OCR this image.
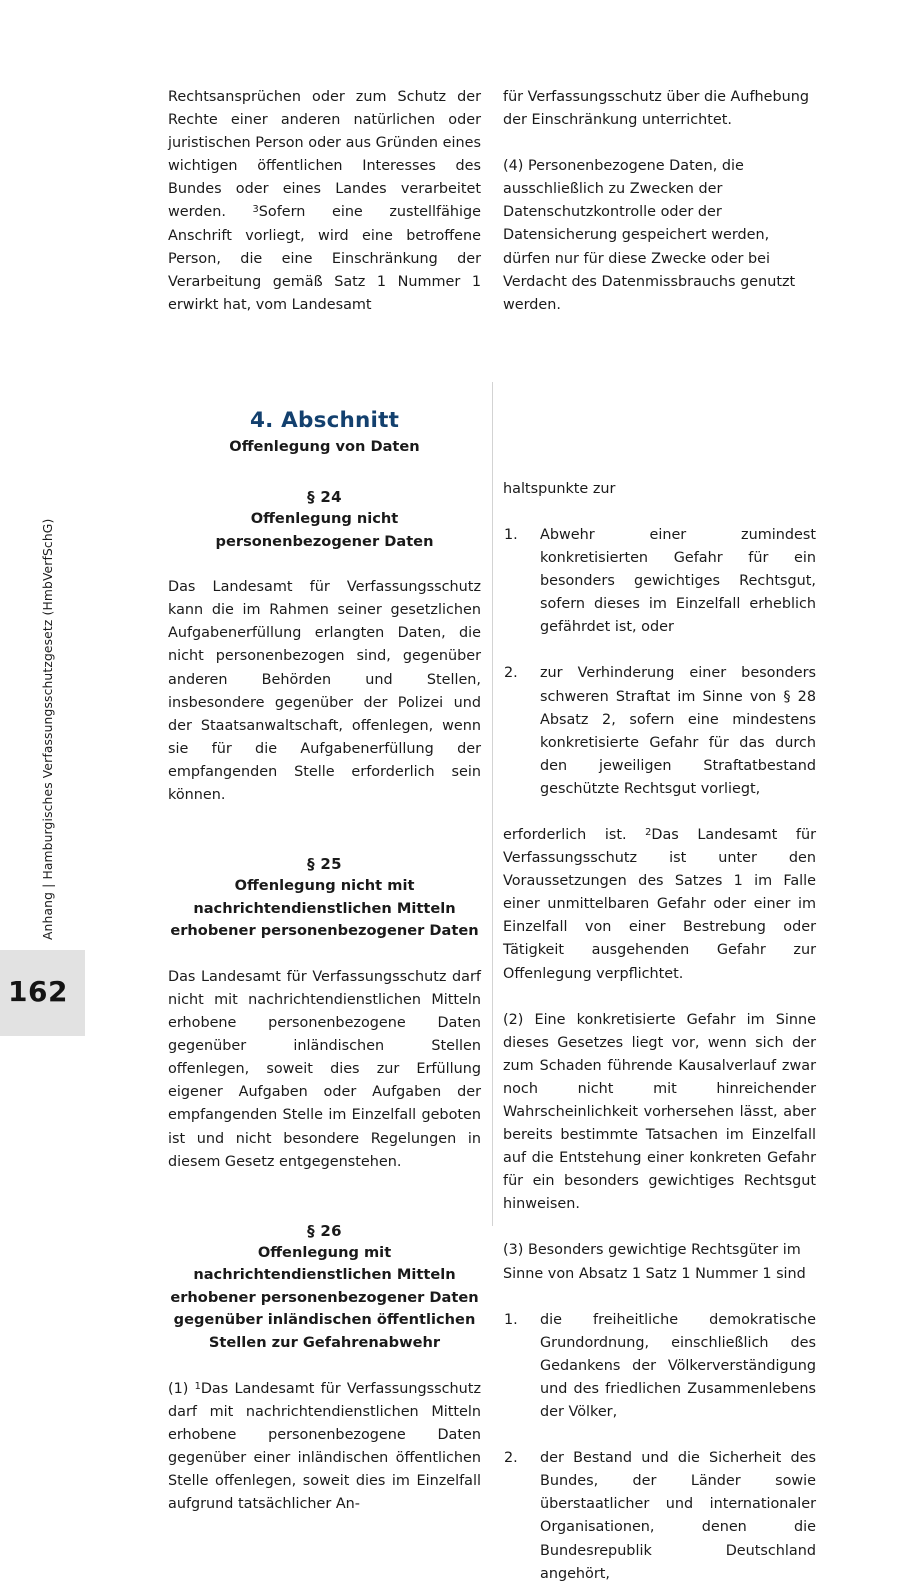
Anhang | Hamburgisches Verfassungsschutzgesetz (HmbVerfSchG)
162

Rechtsansprüchen oder zum Schutz der Rechte einer anderen natürlichen oder juristischen Person oder aus Gründen eines wichtigen öffentlichen Interesses des Bundes oder eines Landes verarbeitet werden. $^3$Sofern eine zustellfähige Anschrift vorliegt, wird eine betroffene Person, die eine Einschränkung der Verarbeitung gemäß Satz 1 Nummer 1 erwirkt hat, vom Landesamt

4. Abschnitt
Offenlegung von Daten
§ 24
Offenlegung nicht personenbezogener Daten

Das Landesamt für Verfassungsschutz kann die im Rahmen seiner gesetzlichen Aufgabenerfüllung erlangten Daten, die nicht personenbezogen sind, gegenüber anderen Behörden und Stellen, insbesondere gegenüber der Polizei und der Staatsanwaltschaft, offenlegen, wenn sie für die Aufgabenerfüllung der empfangenden Stelle erforderlich sein können.

§ 25
Offenlegung nicht mit nachrichtendienstlichen Mitteln erhobener personenbezogener Daten

Das Landesamt für Verfassungsschutz darf nicht mit nachrichtendienstlichen Mitteln erhobene personenbezogene Daten gegenüber inländischen Stellen offenlegen, soweit dies zur Erfüllung eigener Aufgaben oder Aufgaben der empfangenden Stelle im Einzelfall geboten ist und nicht besondere Regelungen in diesem Gesetz entgegenstehen.

§ 26
Offenlegung mit nachrichtendienstlichen Mitteln erhobener personenbezogener Daten gegenüber inländischen öffentlichen Stellen zur Gefahrenabwehr

(1) $^1$Das Landesamt für Verfassungsschutz darf mit nachrichtendienstlichen Mitteln erhobene personenbezogene Daten gegenüber einer inländischen öffentlichen Stelle offenlegen, soweit dies im Einzelfall aufgrund tatsächlicher An-

für Verfassungsschutz über die Aufhebung der Einschränkung unterrichtet.

(4) Personenbezogene Daten, die ausschließlich zu Zwecken der Datenschutzkontrolle oder der Datensicherung gespeichert werden, dürfen nur für diese Zwecke oder bei Verdacht des Datenmissbrauchs genutzt werden.

haltspunkte zur

1. Abwehr einer zumindest konkretisierten Gefahr für ein besonders gewichtiges Rechtsgut, sofern dieses im Einzelfall erheblich gefährdet ist, oder
2. zur Verhinderung einer besonders schweren Straftat im Sinne von § 28 Absatz 2, sofern eine mindestens konkretisierte Gefahr für das durch den jeweiligen Straftatbestand geschützte Rechtsgut vorliegt,

erforderlich ist. $^2$Das Landesamt für Verfassungsschutz ist unter den Voraussetzungen des Satzes 1 im Falle einer unmittelbaren Gefahr oder einer im Einzelfall von einer Bestrebung oder Tätigkeit ausgehenden Gefahr zur Offenlegung verpflichtet.

(2) Eine konkretisierte Gefahr im Sinne dieses Gesetzes liegt vor, wenn sich der zum Schaden führende Kausalverlauf zwar noch nicht mit hinreichender Wahrscheinlichkeit vorhersehen lässt, aber bereits bestimmte Tatsachen im Einzelfall auf die Entstehung einer konkreten Gefahr für ein besonders gewichtiges Rechtsgut hinweisen.

(3) Besonders gewichtige Rechtsgüter im Sinne von Absatz 1 Satz 1 Nummer 1 sind

1. die freiheitliche demokratische Grundordnung, einschließlich des Gedankens der Völkerverständigung und des friedlichen Zusammenlebens der Völker,
2. der Bestand und die Sicherheit des Bundes, der Länder sowie überstaatlicher und internationaler Organisationen, denen die Bundesrepublik Deutschland angehört,
